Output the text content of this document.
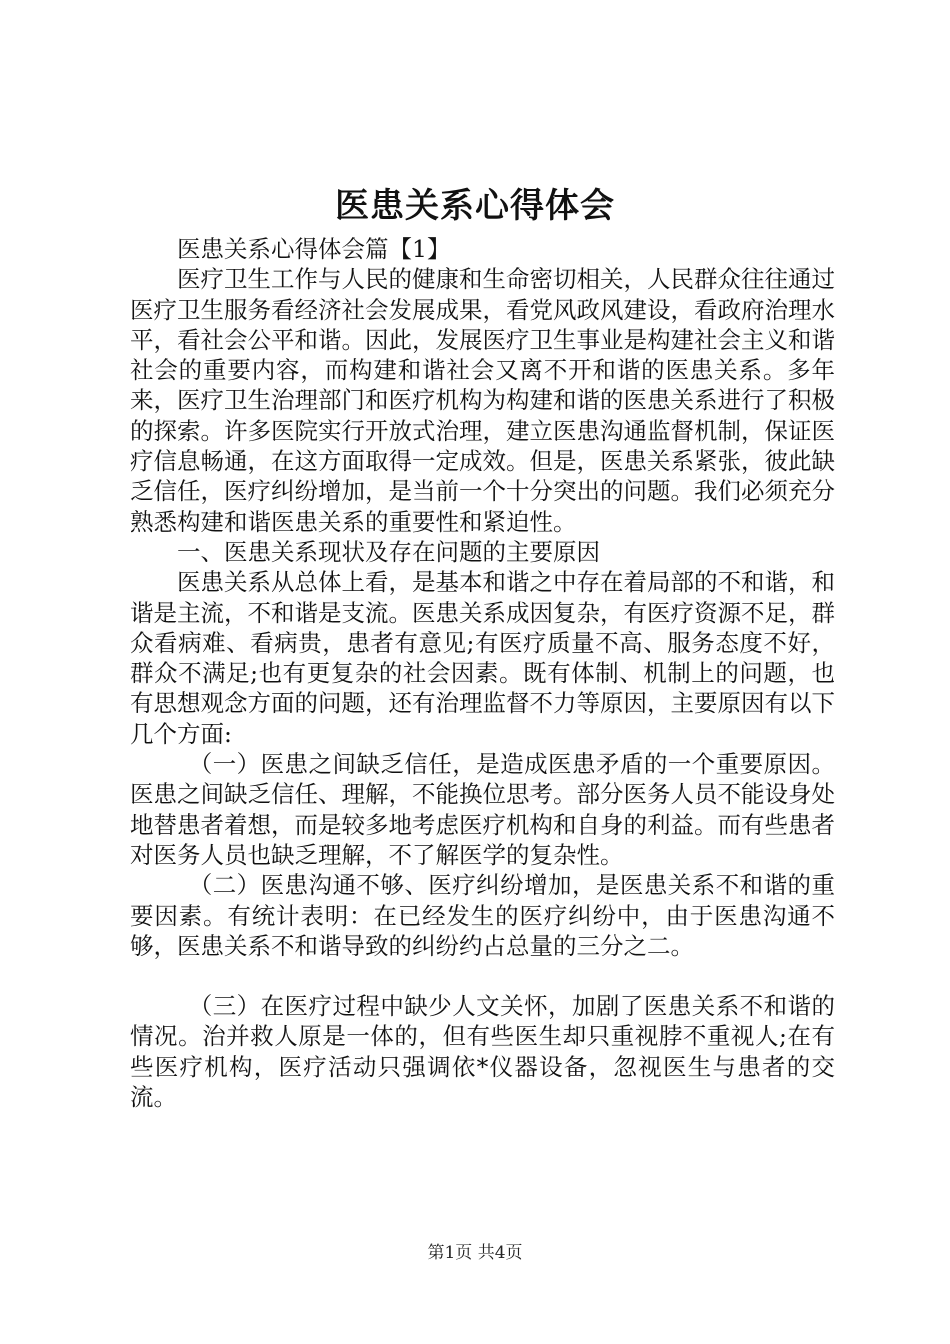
医患关系心得体会

医患关系心得体会篇【1】

医疗卫生工作与人民的健康和生命密切相关，人民群众往往通过医疗卫生服务看经济社会发展成果，看党风政风建设，看政府治理水平，看社会公平和谐。因此，发展医疗卫生事业是构建社会主义和谐社会的重要内容，而构建和谐社会又离不开和谐的医患关系。多年来，医疗卫生治理部门和医疗机构为构建和谐的医患关系进行了积极的探索。许多医院实行开放式治理，建立医患沟通监督机制，保证医疗信息畅通，在这方面取得一定成效。但是，医患关系紧张，彼此缺乏信任，医疗纠纷增加，是当前一个十分突出的问题。我们必须充分熟悉构建和谐医患关系的重要性和紧迫性。

一、医患关系现状及存在问题的主要原因

医患关系从总体上看，是基本和谐之中存在着局部的不和谐，和谐是主流，不和谐是支流。医患关系成因复杂，有医疗资源不足，群众看病难、看病贵，患者有意见;有医疗质量不高、服务态度不好，群众不满足;也有更复杂的社会因素。既有体制、机制上的问题，也有思想观念方面的问题，还有治理监督不力等原因，主要原因有以下几个方面:

（一）医患之间缺乏信任，是造成医患矛盾的一个重要原因。医患之间缺乏信任、理解，不能换位思考。部分医务人员不能设身处地替患者着想，而是较多地考虑医疗机构和自身的利益。而有些患者对医务人员也缺乏理解，不了解医学的复杂性。

（二）医患沟通不够、医疗纠纷增加，是医患关系不和谐的重要因素。有统计表明：在已经发生的医疗纠纷中，由于医患沟通不够，医患关系不和谐导致的纠纷约占总量的三分之二。

（三）在医疗过程中缺少人文关怀，加剧了医患关系不和谐的情况。治并救人原是一体的，但有些医生却只重视脖不重视人;在有些医疗机构，医疗活动只强调依*仪器设备，忽视医生与患者的交流。

第1页 共4页
